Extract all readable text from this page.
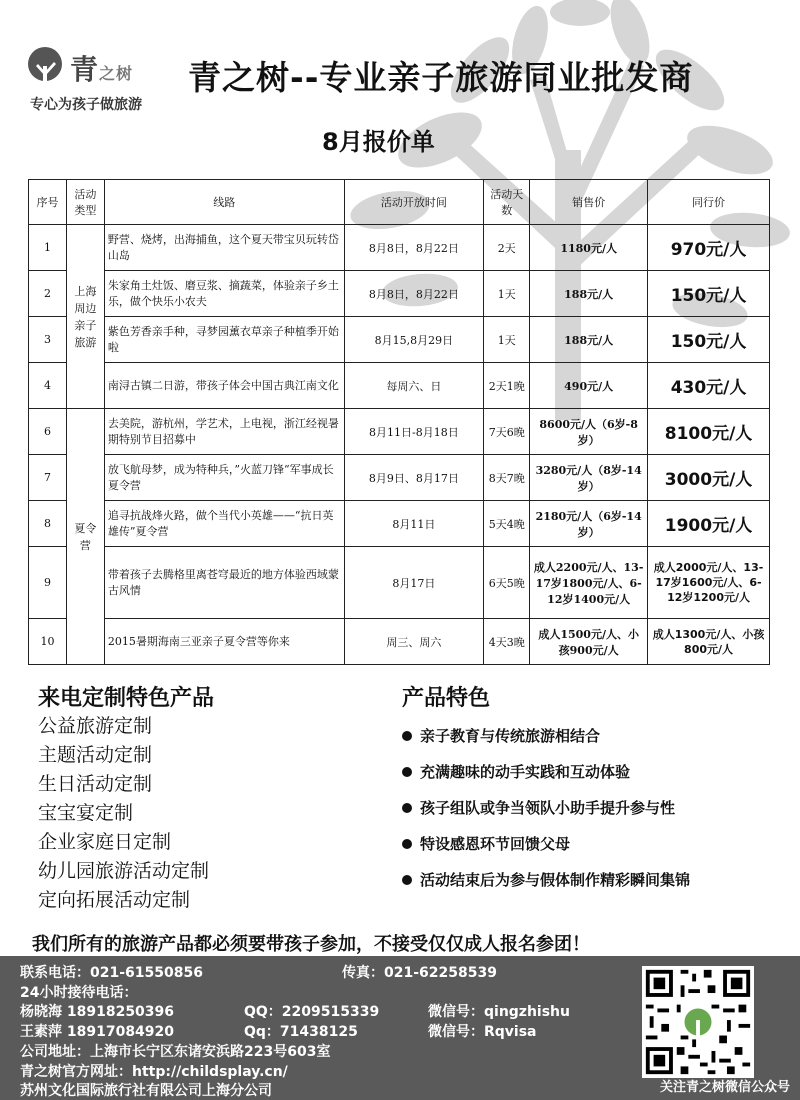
青之树
专心为孩子做旅游
青之树--专业亲子旅游同业批发商
8月报价单
序号	活动类型	线路	活动开放时间	活动天数	销售价	同行价
1	上海周边亲子旅游	野营、烧烤，出海捕鱼，这个夏天带宝贝玩转岱山岛	8月8日，8月22日	2天	1180元/人	970元/人
2		朱家角土灶饭、磨豆浆、摘蔬菜，体验亲子乡土乐，做个快乐小农夫	8月8日，8月22日	1天	188元/人	150元/人
3		紫色芳香亲手种，寻梦园薰衣草亲子种植季开始啦	8月15,8月29日	1天	188元/人	150元/人
4		南浔古镇二日游，带孩子体会中国古典江南文化	每周六、日	2天1晚	490元/人	430元/人
6	夏令营	去美院，游杭州，学艺术，上电视，浙江经视暑期特别节目招募中	8月11日-8月18日	7天6晚	8600元/人（6岁-8岁）	8100元/人
7		放飞航母梦，成为特种兵，”火蓝刀锋“军事成长夏令营	8月9日、8月17日	8天7晚	3280元/人（8岁-14岁）	3000元/人
8		追寻抗战烽火路，做个当代小英雄——“抗日英雄传”夏令营	8月11日	5天4晚	2180元/人（6岁-14岁）	1900元/人
9		带着孩子去腾格里离苍穹最近的地方体验西域蒙古风情	8月17日	6天5晚	成人2200元/人、13-17岁1800元/人、6-12岁1400元/人	成人2000元/人、13-17岁1600元/人、6-12岁1200元/人
10		2015暑期海南三亚亲子夏令营等你来	周三、周六	4天3晚	成人1500元/人、小孩900元/人	成人1300元/人、小孩800元/人
来电定制特色产品
公益旅游定制
主题活动定制
生日活动定制
宝宝宴定制
企业家庭日定制
幼儿园旅游活动定制
定向拓展活动定制
产品特色
亲子教育与传统旅游相结合
充满趣味的动手实践和互动体验
孩子组队或争当领队小助手提升参与性
特设感恩环节回馈父母
活动结束后为参与假体制作精彩瞬间集锦
我们所有的旅游产品都必须要带孩子参加，不接受仅仅成人报名参团！
联系电话：021-61550856	传真：021-62258539
24小时接待电话：
杨晓海 18918250396	QQ：2209515339	微信号：qingzhishu
王素萍 18917084920	Qq：71438125	微信号：Rqvisa
公司地址：上海市长宁区东诸安浜路223号603室
青之树官方网址：http://childsplay.cn/
苏州文化国际旅行社有限公司上海分公司	关注青之树微信公众号
